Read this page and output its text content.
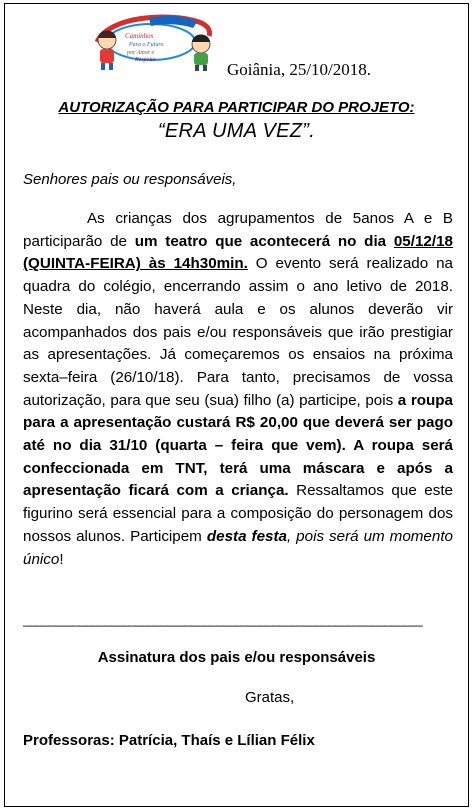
Caminhos
Para o Futuro
por Amor e
Respeito	Goiânia, 25/10/2018.
AUTORIZAÇÃO PARA PARTICIPAR DO PROJETO:
“ERA UMA VEZ”.
Senhores pais ou responsáveis,

As crianças dos agrupamentos de 5anos A e B participarão de um teatro que acontecerá no dia 05/12/18 (QUINTA-FEIRA) às 14h30min. O evento será realizado na quadra do colégio, encerrando assim o ano letivo de 2018. Neste dia, não haverá aula e os alunos deverão vir acompanhados dos pais e/ou responsáveis que irão prestigiar as apresentações. Já começaremos os ensaios na próxima sexta–feira (26/10/18). Para tanto, precisamos de vossa autorização, para que seu (sua) filho (a) participe, pois a roupa para a apresentação custará R$ 20,00 que deverá ser pago até no dia 31/10 (quarta – feira que vem). A roupa será confeccionada em TNT, terá uma máscara e após a apresentação ficará com a criança. Ressaltamos que este figurino será essencial para a composição do personagem dos nossos alunos. Participem desta festa, pois será um momento único!

________________________________________________________________
Assinatura dos pais e/ou responsáveis
Gratas,
Professoras: Patrícia, Thaís e Lílian Félix
